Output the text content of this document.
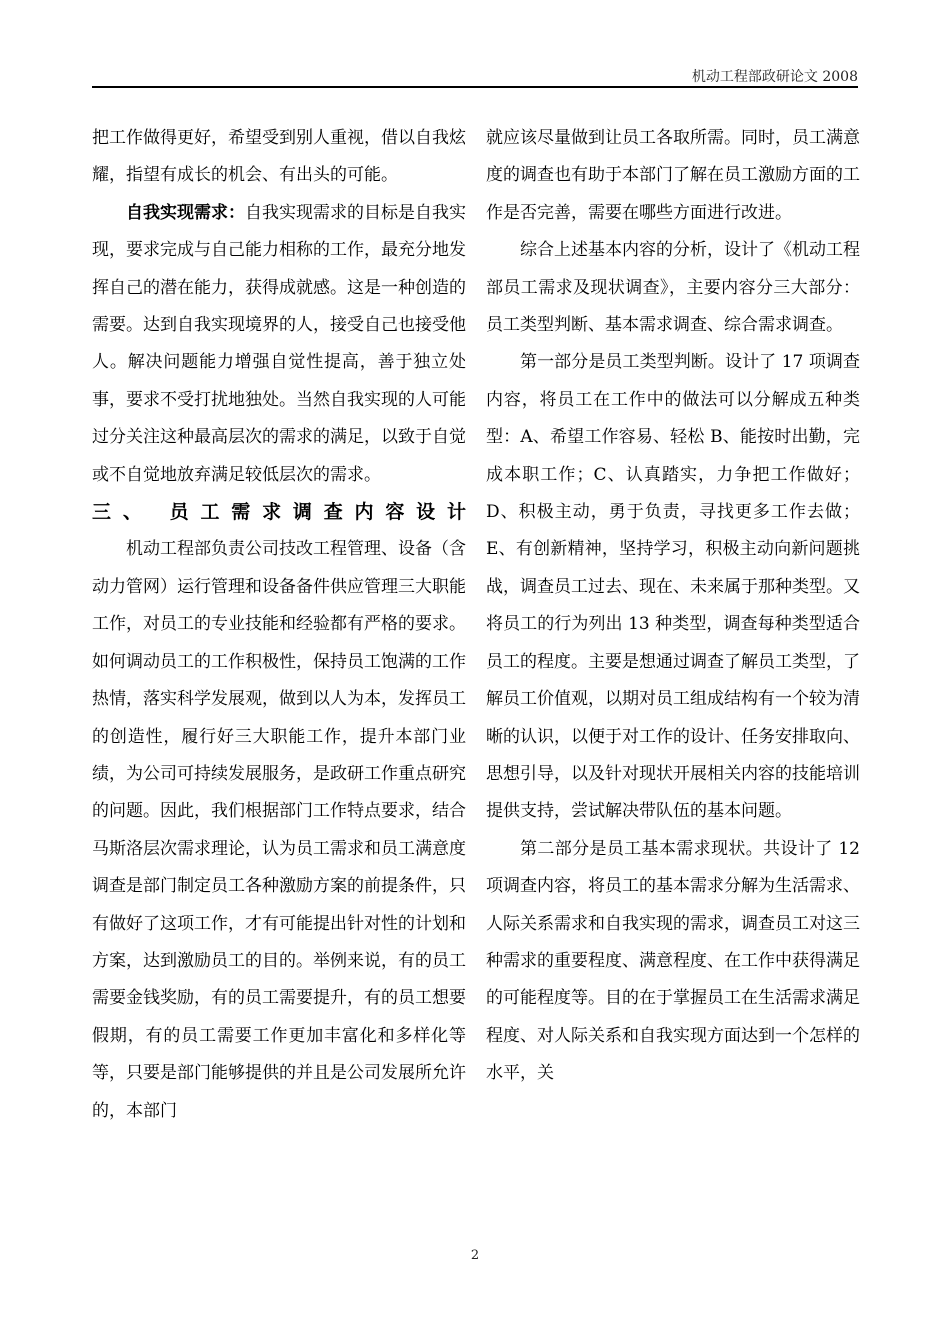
机动工程部政研论文 2008

把工作做得更好，希望受到别人重视，借以自我炫耀，指望有成长的机会、有出头的可能。

自我实现需求：自我实现需求的目标是自我实现，要求完成与自己能力相称的工作，最充分地发挥自己的潜在能力，获得成就感。这是一种创造的需要。达到自我实现境界的人，接受自己也接受他人。解决问题能力增强自觉性提高，善于独立处事，要求不受打扰地独处。当然自我实现的人可能过分关注这种最高层次的需求的满足，以致于自觉或不自觉地放弃满足较低层次的需求。

三、 员工需求调查内容设计

机动工程部负责公司技改工程管理、设备（含动力管网）运行管理和设备备件供应管理三大职能工作，对员工的专业技能和经验都有严格的要求。如何调动员工的工作积极性，保持员工饱满的工作热情，落实科学发展观，做到以人为本，发挥员工的创造性，履行好三大职能工作，提升本部门业绩，为公司可持续发展服务，是政研工作重点研究的问题。因此，我们根据部门工作特点要求，结合马斯洛层次需求理论，认为员工需求和员工满意度调查是部门制定员工各种激励方案的前提条件，只有做好了这项工作，才有可能提出针对性的计划和方案，达到激励员工的目的。举例来说，有的员工需要金钱奖励，有的员工需要提升，有的员工想要假期，有的员工需要工作更加丰富化和多样化等等，只要是部门能够提供的并且是公司发展所允许的，本部门

就应该尽量做到让员工各取所需。同时，员工满意度的调查也有助于本部门了解在员工激励方面的工作是否完善，需要在哪些方面进行改进。

综合上述基本内容的分析，设计了《机动工程部员工需求及现状调查》，主要内容分三大部分：员工类型判断、基本需求调查、综合需求调查。

第一部分是员工类型判断。设计了 17 项调查内容，将员工在工作中的做法可以分解成五种类型：A、希望工作容易、轻松 B、能按时出勤，完成本职工作；C、认真踏实，力争把工作做好；D、积极主动，勇于负责，寻找更多工作去做；E、有创新精神，坚持学习，积极主动向新问题挑战，调查员工过去、现在、未来属于那种类型。又将员工的行为列出 13 种类型，调查每种类型适合员工的程度。主要是想通过调查了解员工类型，了解员工价值观，以期对员工组成结构有一个较为清晰的认识，以便于对工作的设计、任务安排取向、思想引导，以及针对现状开展相关内容的技能培训提供支持，尝试解决带队伍的基本问题。

第二部分是员工基本需求现状。共设计了 12 项调查内容，将员工的基本需求分解为生活需求、人际关系需求和自我实现的需求，调查员工对这三种需求的重要程度、满意程度、在工作中获得满足的可能程度等。目的在于掌握员工在生活需求满足程度、对人际关系和自我实现方面达到一个怎样的水平，关

2
